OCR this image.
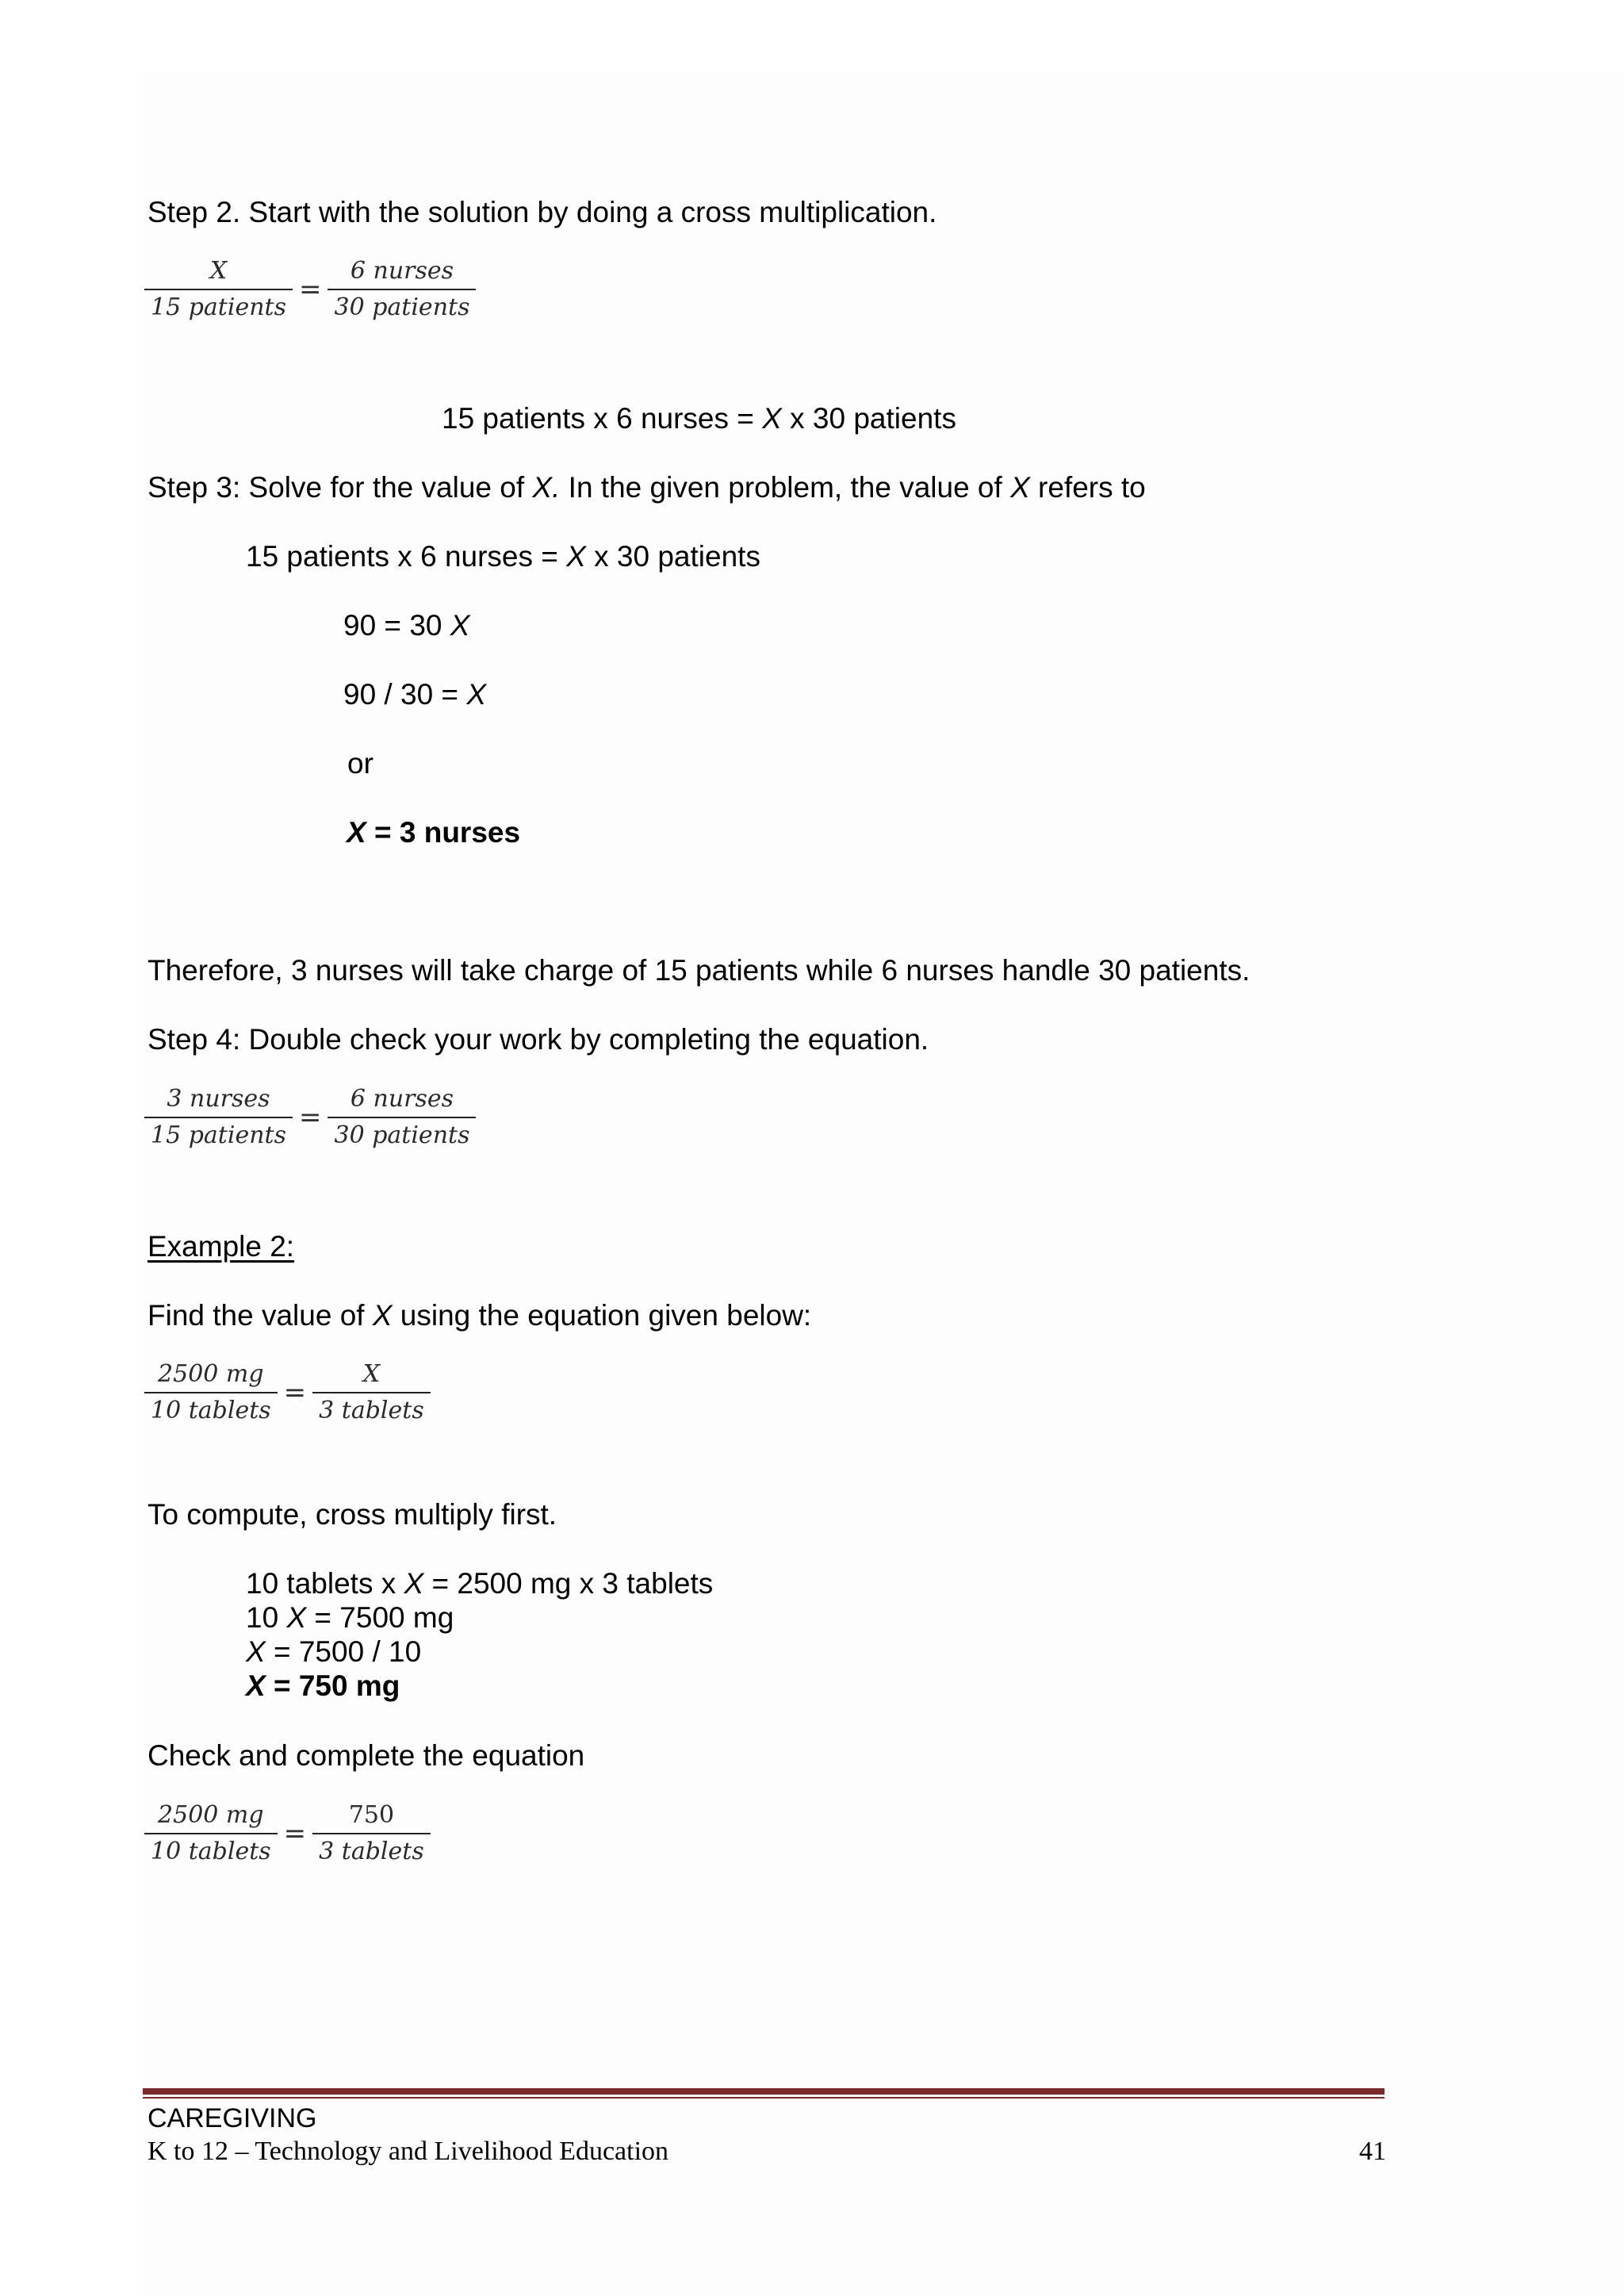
Step 2. Start with the solution by doing a cross multiplication.
$\frac{X}{\text{15 patients}} = \frac{\text{6 nurses}}{\text{30 patients}}$
15 patients x 6 nurses = X x 30 patients
Step 3: Solve for the value of X. In the given problem, the value of X refers to
15 patients x 6 nurses = X x 30 patients
90 = 30 X
90 / 30 = X
or
X = 3 nurses
Therefore, 3 nurses will take charge of 15 patients while 6 nurses handle 30 patients.
Step 4: Double check your work by completing the equation.
$\frac{\text{3 nurses}}{\text{15 patients}} = \frac{\text{6 nurses}}{\text{30 patients}}$
Example 2:
Find the value of X using the equation given below:
$\frac{2500 mg}{\text{10 tablets}} = \frac{X}{\text{3 tablets}}$
To compute, cross multiply first.
10 tablets x X = 2500 mg x 3 tablets
10 X = 7500 mg
X = 7500 / 10
X = 750 mg
Check and complete the equation
$\frac{2500 mg}{\text{10 tablets}} = \frac{750}{\text{3 tablets}}$
CAREGIVING
K to 12 – Technology and Livelihood Education	41
